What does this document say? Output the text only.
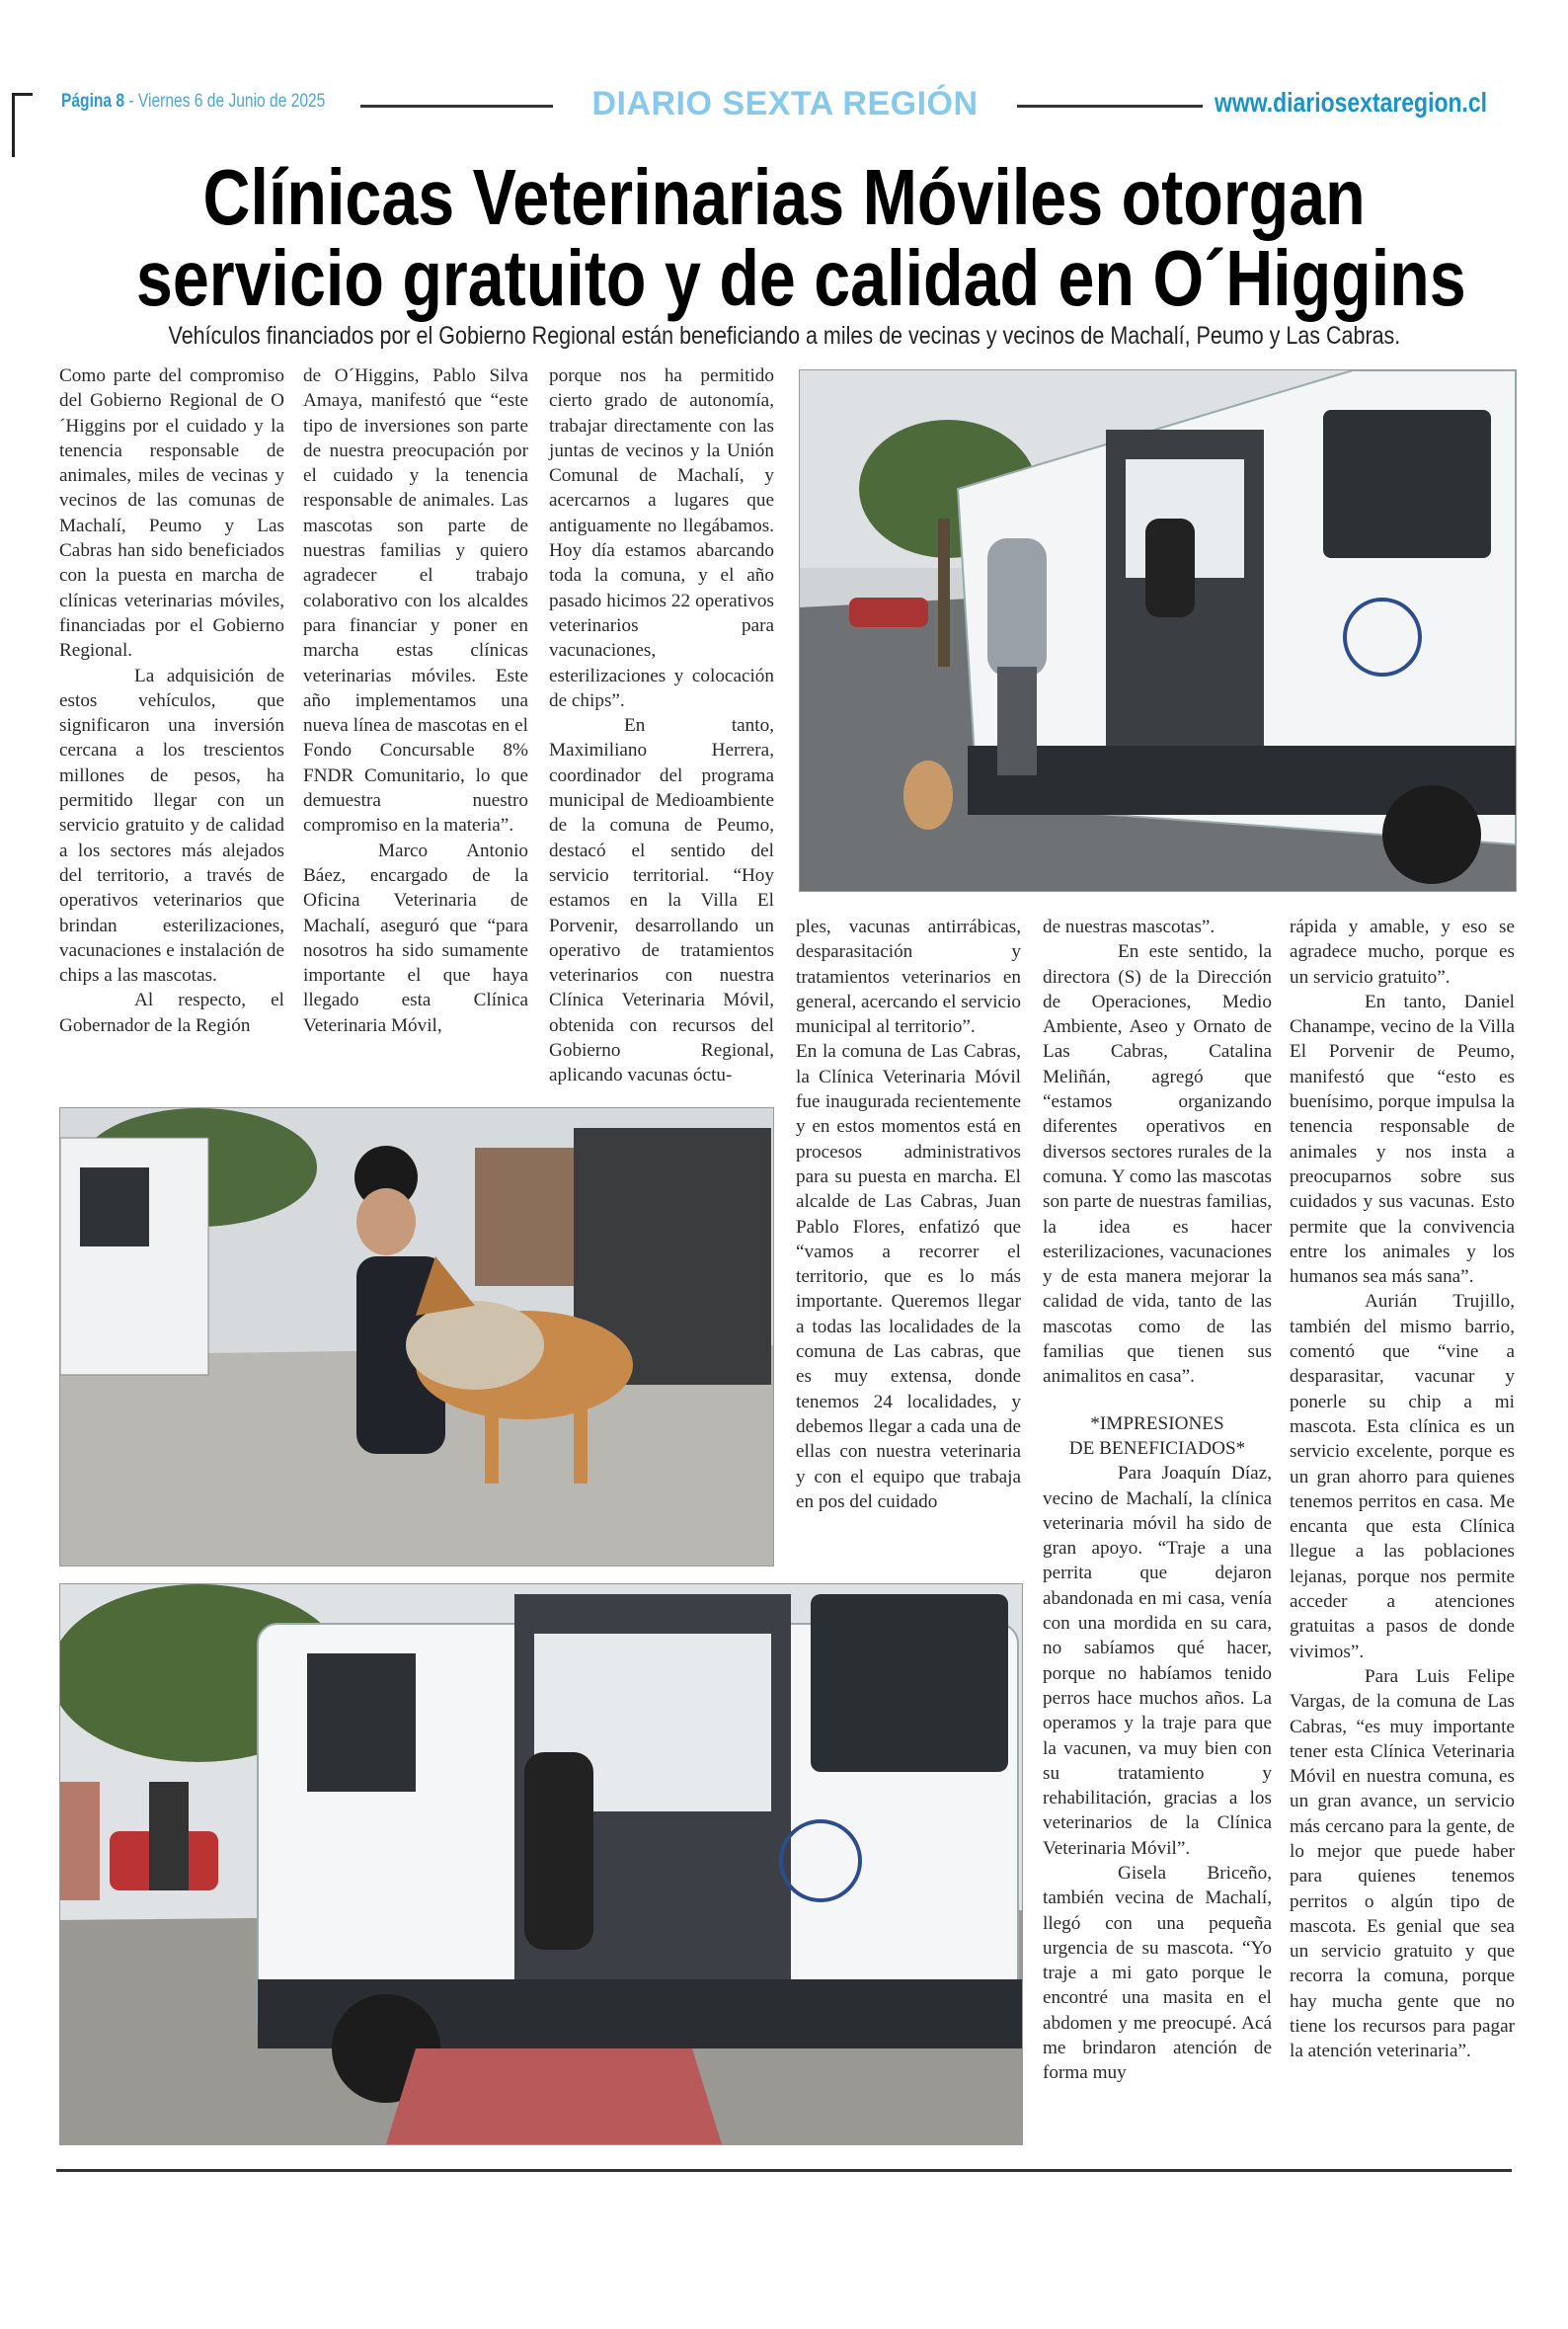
Página 8 - Viernes 6 de Junio de 2025	DIARIO SEXTA REGIÓN	www.diariosextaregion.cl
Clínicas Veterinarias Móviles otorgan
servicio gratuito y de calidad en O´Higgins
Vehículos financiados por el Gobierno Regional están beneficiando a miles de vecinas y vecinos de Machalí, Peumo y Las Cabras.

Como parte del compromiso del Gobierno Regional de O´Higgins por el cuidado y la tenencia responsable de animales, miles de vecinas y vecinos de las comunas de Machalí, Peumo y Las Cabras han sido beneficiados con la puesta en marcha de clínicas veterinarias móviles, financiadas por el Gobierno Regional.

La adquisición de estos vehículos, que significaron una inversión cercana a los trescientos millones de pesos, ha permitido llegar con un servicio gratuito y de calidad a los sectores más alejados del territorio, a través de operativos veterinarios que brindan esterilizaciones, vacunaciones e instalación de chips a las mascotas.

Al respecto, el Gobernador de la Región

de O´Higgins, Pablo Silva Amaya, manifestó que “este tipo de inversiones son parte de nuestra preocupación por el cuidado y la tenencia responsable de animales. Las mascotas son parte de nuestras familias y quiero agradecer el trabajo colaborativo con los alcaldes para financiar y poner en marcha estas clínicas veterinarias móviles. Este año implementamos una nueva línea de mascotas en el Fondo Concursable 8% FNDR Comunitario, lo que demuestra nuestro compromiso en la materia”.

Marco Antonio Báez, encargado de la Oficina Veterinaria de Machalí, aseguró que “para nosotros ha sido sumamente importante el que haya llegado esta Clínica Veterinaria Móvil,

porque nos ha permitido cierto grado de autonomía, trabajar directamente con las juntas de vecinos y la Unión Comunal de Machalí, y acercarnos a lugares que antiguamente no llegábamos. Hoy día estamos abarcando toda la comuna, y el año pasado hicimos 22 operativos veterinarios para vacunaciones, esterilizaciones y colocación de chips”.

En tanto, Maximiliano Herrera, coordinador del programa municipal de Medioambiente de la comuna de Peumo, destacó el sentido del servicio territorial. “Hoy estamos en la Villa El Porvenir, desarrollando un operativo de tratamientos veterinarios con nuestra Clínica Veterinaria Móvil, obtenida con recursos del Gobierno Regional, aplicando vacunas óctu-

ples, vacunas antirrábicas, desparasitación y tratamientos veterinarios en general, acercando el servicio municipal al territorio”.

En la comuna de Las Cabras, la Clínica Veterinaria Móvil fue inaugurada recientemente y en estos momentos está en procesos administrativos para su puesta en marcha. El alcalde de Las Cabras, Juan Pablo Flores, enfatizó que “vamos a recorrer el territorio, que es lo más importante. Queremos llegar a todas las localidades de la comuna de Las cabras, que es muy extensa, donde tenemos 24 localidades, y debemos llegar a cada una de ellas con nuestra veterinaria y con el equipo que trabaja en pos del cuidado

de nuestras mascotas”.

En este sentido, la directora (S) de la Dirección de Operaciones, Medio Ambiente, Aseo y Ornato de Las Cabras, Catalina Meliñán, agregó que “estamos organizando diferentes operativos en diversos sectores rurales de la comuna. Y como las mascotas son parte de nuestras familias, la idea es hacer esterilizaciones, vacunaciones y de esta manera mejorar la calidad de vida, tanto de las mascotas como de las familias que tienen sus animalitos en casa”.

*IMPRESIONES
DE BENEFICIADOS*

Para Joaquín Díaz, vecino de Machalí, la clínica veterinaria móvil ha sido de gran apoyo. “Traje a una perrita que dejaron abandonada en mi casa, venía con una mordida en su cara, no sabíamos qué hacer, porque no habíamos tenido perros hace muchos años. La operamos y la traje para que la vacunen, va muy bien con su tratamiento y rehabilitación, gracias a los veterinarios de la Clínica Veterinaria Móvil”.

Gisela Briceño, también vecina de Machalí, llegó con una pequeña urgencia de su mascota. “Yo traje a mi gato porque le encontré una masita en el abdomen y me preocupé. Acá me brindaron atención de forma muy

rápida y amable, y eso se agradece mucho, porque es un servicio gratuito”.

En tanto, Daniel Chanampe, vecino de la Villa El Porvenir de Peumo, manifestó que “esto es buenísimo, porque impulsa la tenencia responsable de animales y nos insta a preocuparnos sobre sus cuidados y sus vacunas. Esto permite que la convivencia entre los animales y los humanos sea más sana”.

Aurián Trujillo, también del mismo barrio, comentó que “vine a desparasitar, vacunar y ponerle su chip a mi mascota. Esta clínica es un servicio excelente, porque es un gran ahorro para quienes tenemos perritos en casa. Me encanta que esta Clínica llegue a las poblaciones lejanas, porque nos permite acceder a atenciones gratuitas a pasos de donde vivimos”.

Para Luis Felipe Vargas, de la comuna de Las Cabras, “es muy importante tener esta Clínica Veterinaria Móvil en nuestra comuna, es un gran avance, un servicio más cercano para la gente, de lo mejor que puede haber para quienes tenemos perritos o algún tipo de mascota. Es genial que sea un servicio gratuito y que recorra la comuna, porque hay mucha gente que no tiene los recursos para pagar la atención veterinaria”.
